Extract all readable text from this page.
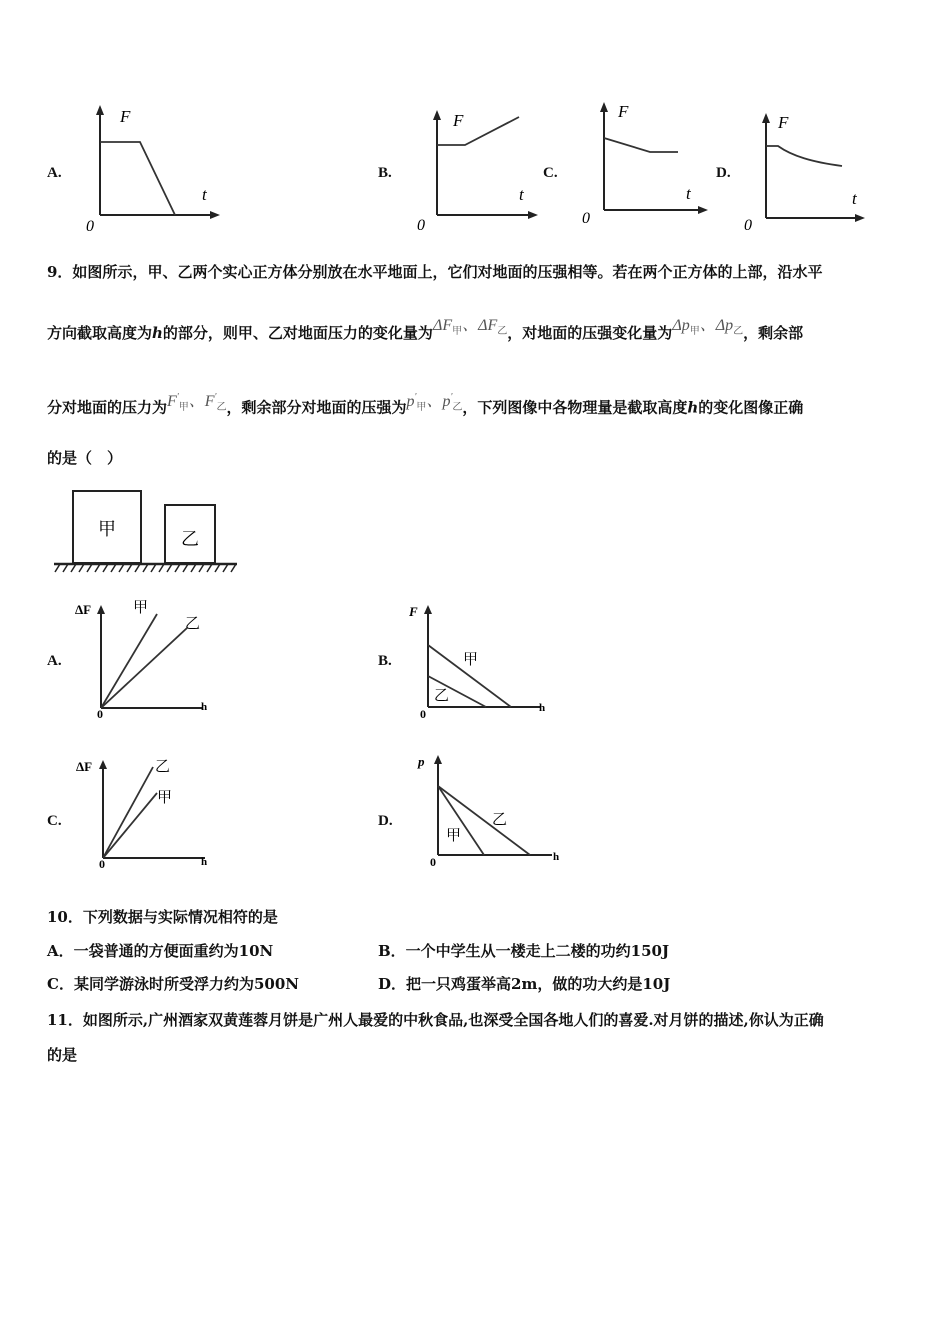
A.
F
t
0
B.
F
t
0
C.
F
t
0
D.
F
t
0
9．如图所示，甲、乙两个实心正方体分别放在水平地面上，它们对地面的压强相等。若在两个正方体的上部，沿水平
方向截取高度为h的部分，则甲、乙对地面压力的变化量为$\Delta F_甲$、$\Delta F_乙$，对地面的压强变化量为$\Delta p_甲$、$\Delta p_乙$，剩余部
分对地面的压力为$F'_甲$、$F'_乙$，剩余部分对地面的压强为$p'_甲$、$p'_乙$，下列图像中各物理量是截取高度h的变化图像正确
的是（　）
甲	乙
A.
ΔF	甲
乙
0	h
B.
F
甲
乙
0	h
C.
ΔF	乙
甲
0	h
D.
p
乙
甲
0	h
10．下列数据与实际情况相符的是
A．一袋普通的方便面重约为10N	B．一个中学生从一楼走上二楼的功约150J
C．某同学游泳时所受浮力约为500N	D．把一只鸡蛋举高2m，做的功大约是10J
11．如图所示,广州酒家双黄莲蓉月饼是广州人最爱的中秋食品,也深受全国各地人们的喜爱.对月饼的描述,你认为正确
的是
